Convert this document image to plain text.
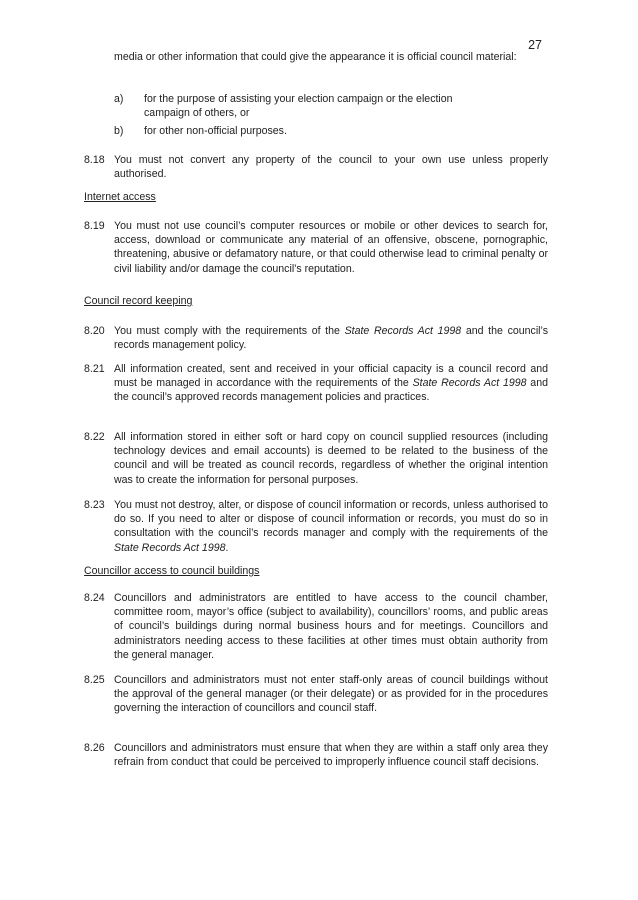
27
media or other information that could give the appearance it is official council material:
a) for the purpose of assisting your election campaign or the election campaign of others, or
b) for other non-official purposes.
8.18 You must not convert any property of the council to your own use unless properly authorised.
Internet access
8.19 You must not use council’s computer resources or mobile or other devices to search for, access, download or communicate any material of an offensive, obscene, pornographic, threatening, abusive or defamatory nature, or that could otherwise lead to criminal penalty or civil liability and/or damage the council’s reputation.
Council record keeping
8.20 You must comply with the requirements of the State Records Act 1998 and the council’s records management policy.
8.21 All information created, sent and received in your official capacity is a council record and must be managed in accordance with the requirements of the State Records Act 1998 and the council’s approved records management policies and practices.
8.22 All information stored in either soft or hard copy on council supplied resources (including technology devices and email accounts) is deemed to be related to the business of the council and will be treated as council records, regardless of whether the original intention was to create the information for personal purposes.
8.23 You must not destroy, alter, or dispose of council information or records, unless authorised to do so. If you need to alter or dispose of council information or records, you must do so in consultation with the council’s records manager and comply with the requirements of the State Records Act 1998.
Councillor access to council buildings
8.24 Councillors and administrators are entitled to have access to the council chamber, committee room, mayor’s office (subject to availability), councillors’ rooms, and public areas of council’s buildings during normal business hours and for meetings. Councillors and administrators needing access to these facilities at other times must obtain authority from the general manager.
8.25 Councillors and administrators must not enter staff-only areas of council buildings without the approval of the general manager (or their delegate) or as provided for in the procedures governing the interaction of councillors and council staff.
8.26 Councillors and administrators must ensure that when they are within a staff only area they refrain from conduct that could be perceived to improperly influence council staff decisions.
